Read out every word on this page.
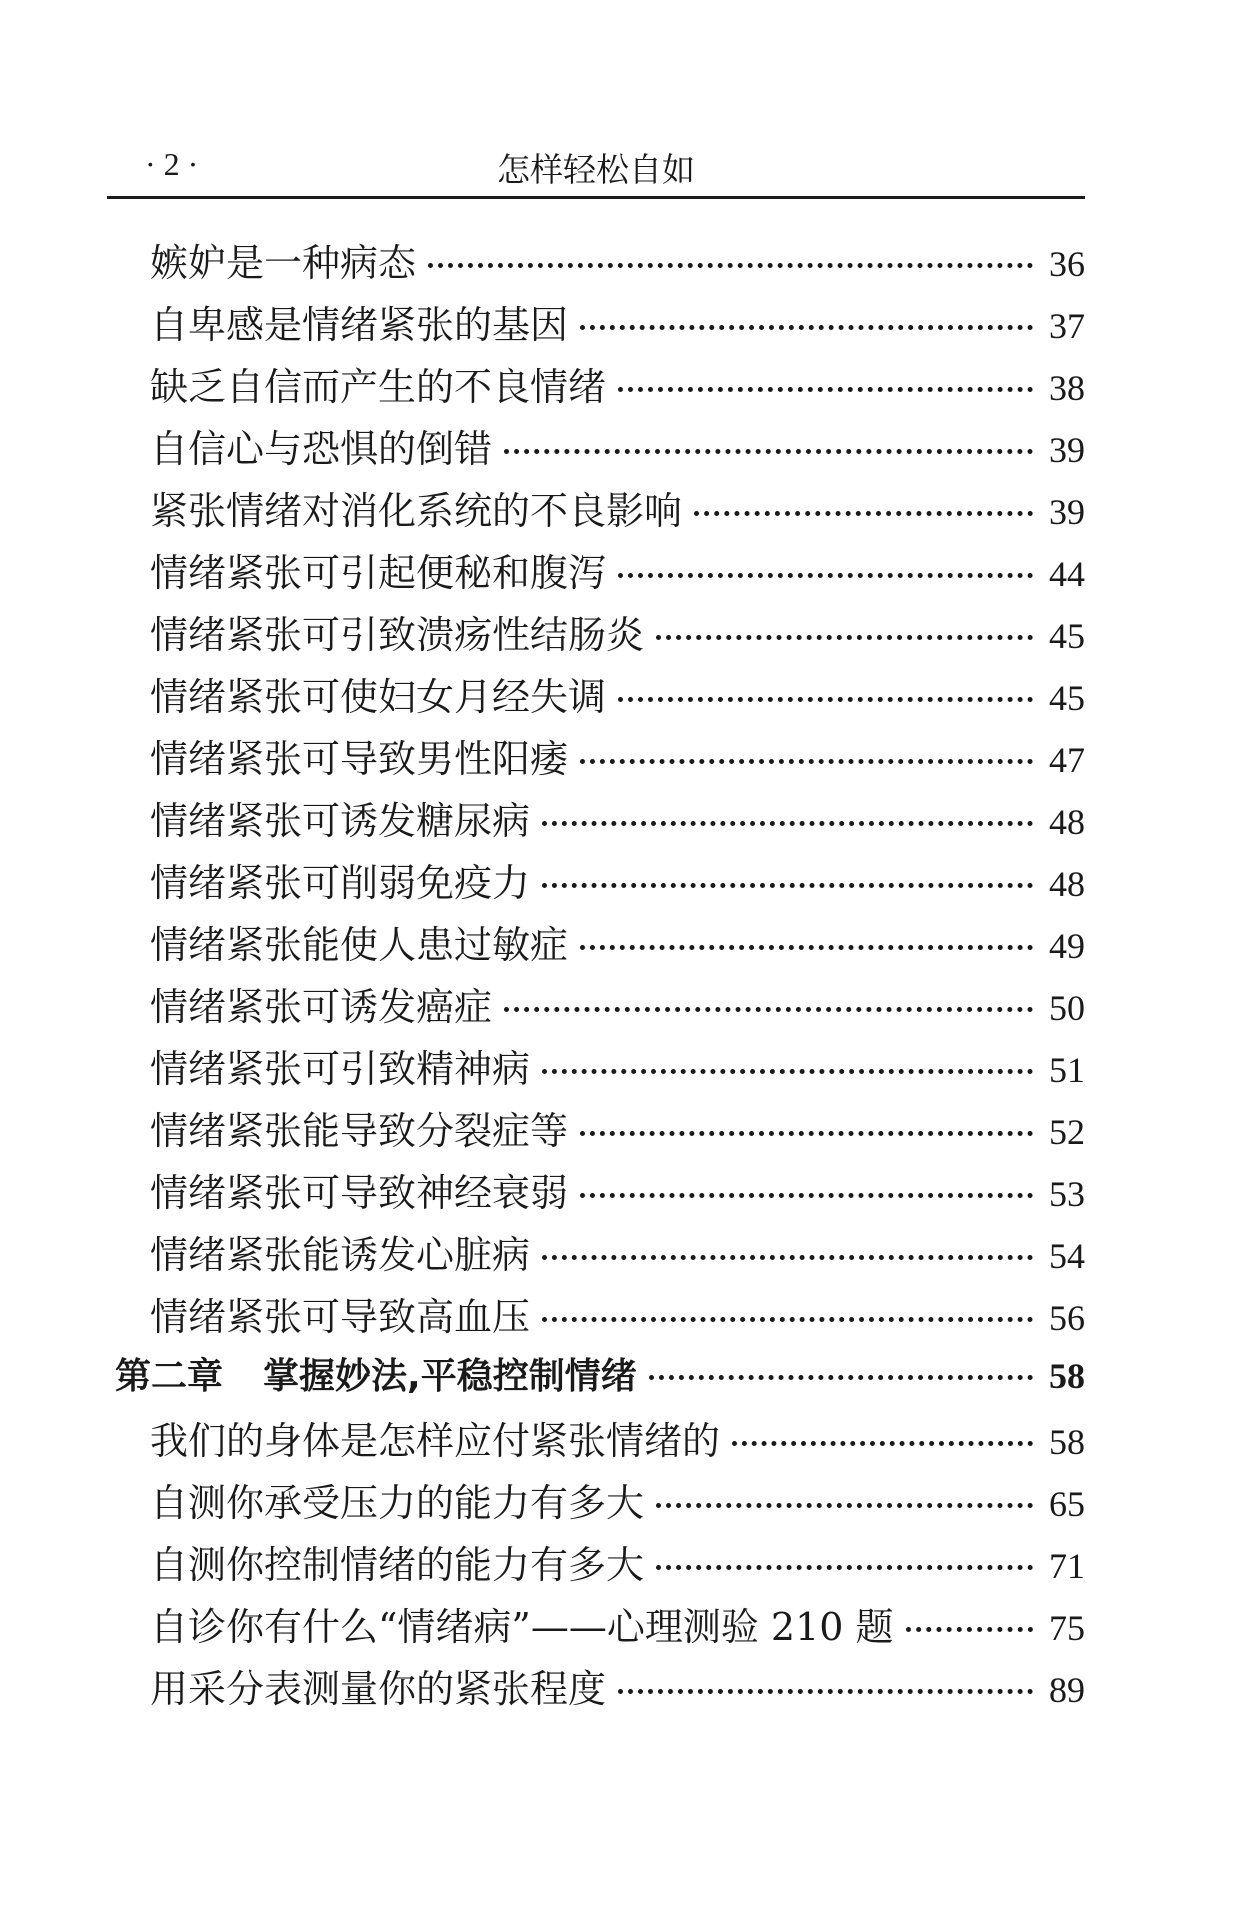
· 2 ·	怎样轻松自如
嫉妒是一种病态	36
自卑感是情绪紧张的基因	37
缺乏自信而产生的不良情绪	38
自信心与恐惧的倒错	39
紧张情绪对消化系统的不良影响	39
情绪紧张可引起便秘和腹泻	44
情绪紧张可引致溃疡性结肠炎	45
情绪紧张可使妇女月经失调	45
情绪紧张可导致男性阳痿	47
情绪紧张可诱发糖尿病	48
情绪紧张可削弱免疫力	48
情绪紧张能使人患过敏症	49
情绪紧张可诱发癌症	50
情绪紧张可引致精神病	51
情绪紧张能导致分裂症等	52
情绪紧张可导致神经衰弱	53
情绪紧张能诱发心脏病	54
情绪紧张可导致高血压	56
第二章 掌握妙法,平稳控制情绪	58
我们的身体是怎样应付紧张情绪的	58
自测你承受压力的能力有多大	65
自测你控制情绪的能力有多大	71
自诊你有什么“情绪病”——心理测验 210 题	75
用采分表测量你的紧张程度	89
